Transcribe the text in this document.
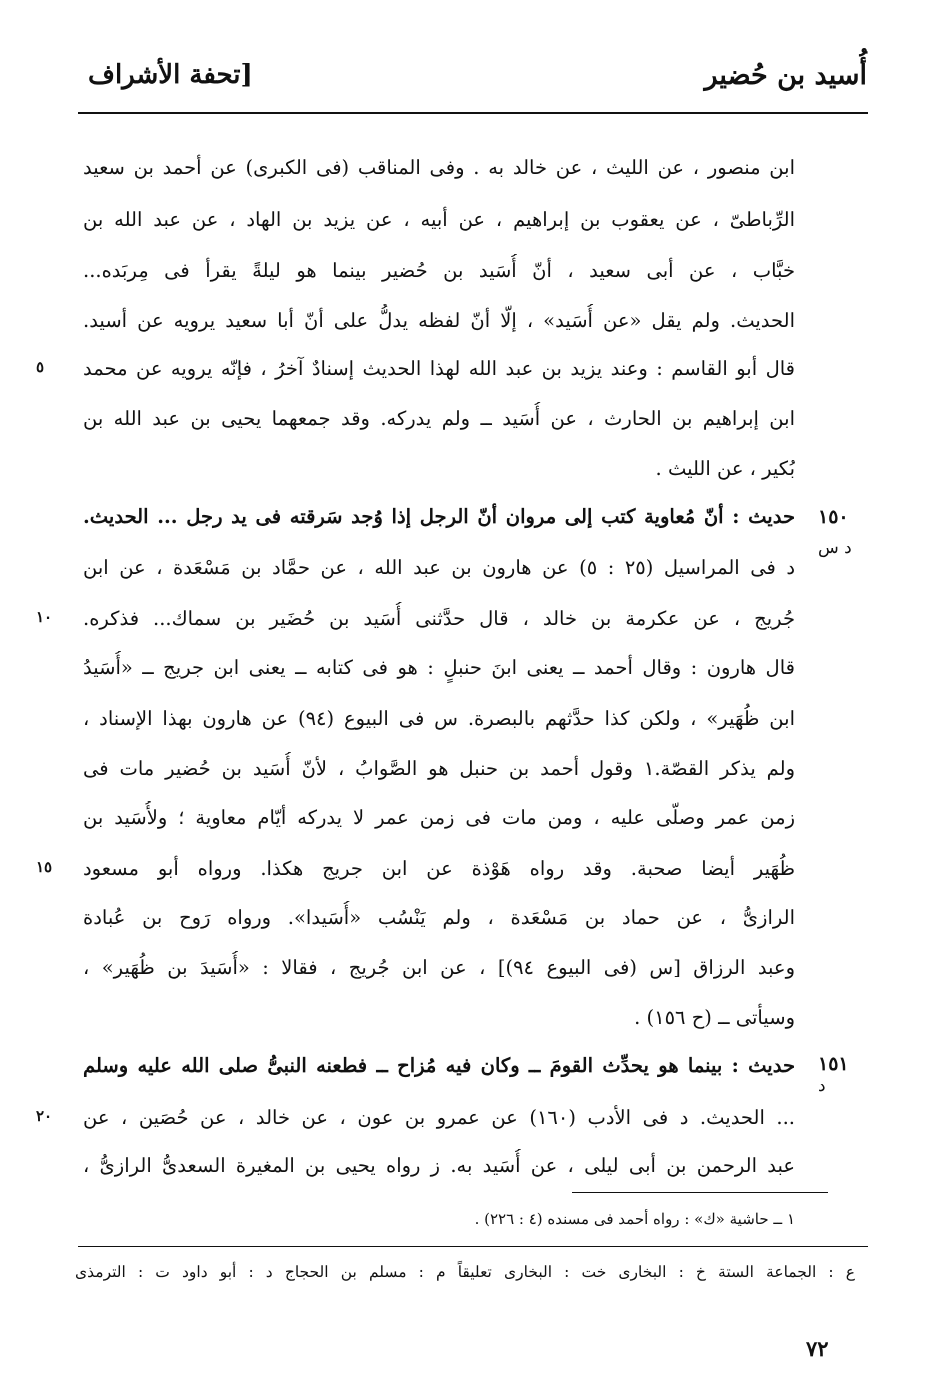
أُسيد بن حُضير
[تحفة الأشراف
ابن منصور ، عن الليث ، عن خالد به . وفى المناقب (فى الكبرى) عن أحمد بن سعيد
الرِّباطىّ ، عن يعقوب بن إبراهيم ، عن أبيه ، عن يزيد بن الهاد ، عن عبد الله بن
خبَّاب ، عن أبى سعيد ، أنّ أُسَيد بن حُضير بينما هو ليلةً يقرأ فى مِربَده...
الحديث. ولم يقل «عن أُسَيد» ، إلّا أنّ لفظه يدلُّ على أنّ أبا سعيد يرويه عن أسيد.
قال أبو القاسم : وعند يزيد بن عبد الله لهذا الحديث إسنادٌ آخرُ ، فإنّه يرويه عن محمد
ابن إبراهيم بن الحارث ، عن أُسَيد ــ ولم يدركه. وقد جمعهما يحيى بن عبد الله بن
بُكير ، عن الليث .
حديث : أنّ مُعاوية كتب إلى مروان أنّ الرجل إذا وُجد سَرقته فى يد رجل ... الحديث.
د فى المراسيل (٢٥ : ٥) عن هارون بن عبد الله ، عن حمَّاد بن مَسْعَدة ، عن ابن
جُريج ، عن عكرمة بن خالد ، قال حدَّثنى أُسَيد بن حُضَير بن سماك... فذكره.
قال هارون : وقال أحمد ــ يعنى ابنَ حنبلٍ : هو فى كتابه ــ يعنى ابن جريج ــ «أُسَيدُ
ابن ظُهَير» ، ولكن كذا حدَّثهم بالبصرة. س فى البيوع (٩٤) عن هارون بهذا الإسناد ،
ولم يذكر القصّة.١ وقول أحمد بن حنبل هو الصَّوابُ ، لأنّ أُسَيد بن حُضير مات فى
زمن عمر وصلّى عليه ، ومن مات فى زمن عمر لا يدركه أيّام معاوية ؛ ولأُسَيد بن
ظُهَير أيضا صحبة. وقد رواه هَوْذة عن ابن جريج هكذا. ورواه أبو مسعود
الرازىُّ ، عن حماد بن مَسْعَدة ، ولم يَنْسُب «أُسَيدا». ورواه رَوح بن عُبادة
وعبد الرزاق [س (فى البيوع ٩٤)] ، عن ابن جُريج ، فقالا : «أُسَيدَ بن ظُهَير» ،
وسيأتى ــ (ح ١٥٦) .
حديث : بينما هو يحدِّث القومَ ــ وكان فيه مُزاح ــ فطعنه النبىُّ صلى الله عليه وسلم
... الحديث. د فى الأدب (١٦٠) عن عمرو بن عون ، عن خالد ، عن حُصَين ، عن
عبد الرحمن بن أبى ليلى ، عن أُسَيد به. ز رواه يحيى بن المغيرة السعدىُّ الرازىُّ ،
٥
١٠
١٥
٢٠
١٥٠
د س
١٥١
د
١ ــ حاشية «ك» : رواه أحمد فى مسنده (٤ : ٢٢٦) .
ع : الجماعة الستة خ : البخارى خت : البخارى تعليقاً م : مسلم بن الحجاج د : أبو داود ت : الترمذى
٧٢
